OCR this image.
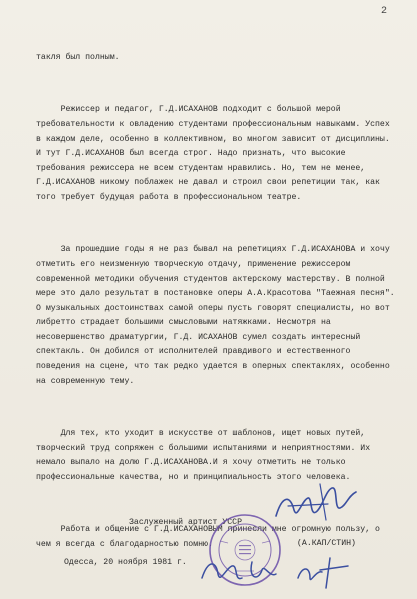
2

такля был полным.

Режиссер и педагог, Г.Д.ИСАХАНОВ подходит с большой мерой требовательности к овладению студентами профессиональным навыкамм. Успех в каждом деле, особенно в коллективном, во многом зависит от дисциплины. И тут Г.Д.ИСАХАНОВ был всегда строг. Надо признать, что высокие требования режиссера не всем студентам нравились. Но, тем не менее, Г.Д.ИСАХАНОВ никому поблажек не давал и строил свои репетиции так, как того требует будущая работа в профессиональном театре.

За прошедшие годы я не раз бывал на репетициях Г.Д.ИСАХАНОВА и хочу отметить его неизменную творческую отдачу, применение режиссером современной методики обучения студентов актерскому мастерству. В полной мере это дало результат в постановке оперы А.А.Красотова "Таежная песня". О музыкальных достоинствах самой оперы пусть говорят специалисты, но вот либретто страдает большими смысловыми натяжками. Несмотря на несовершенство драматургии, Г.Д. ИСАХАНОВ сумел создать интересный спектакль. Он добился от исполнителей правдивого и естественного поведения на сцене, что так редко удается в оперных спектаклях, особенно на современную тему.

Для тех, кто уходит в искусстве от шаблонов, ищет новых путей, творческий труд сопряжен с большими испытаниями и неприятностями. Их немало выпало на долю Г.Д.ИСАХАНОВА.И я хочу отметить не только профессиональные качества, но и принципиальность этого человека.

Работа и общение с Г.Д.ИСАХАНОВЫМ принесли мне огромную пользу, о чем я всегда с благодарностью помню.

Заслуженный артист УССР
(А.КАП/СТИН)
Одесса, 20 ноября 1981 г.
